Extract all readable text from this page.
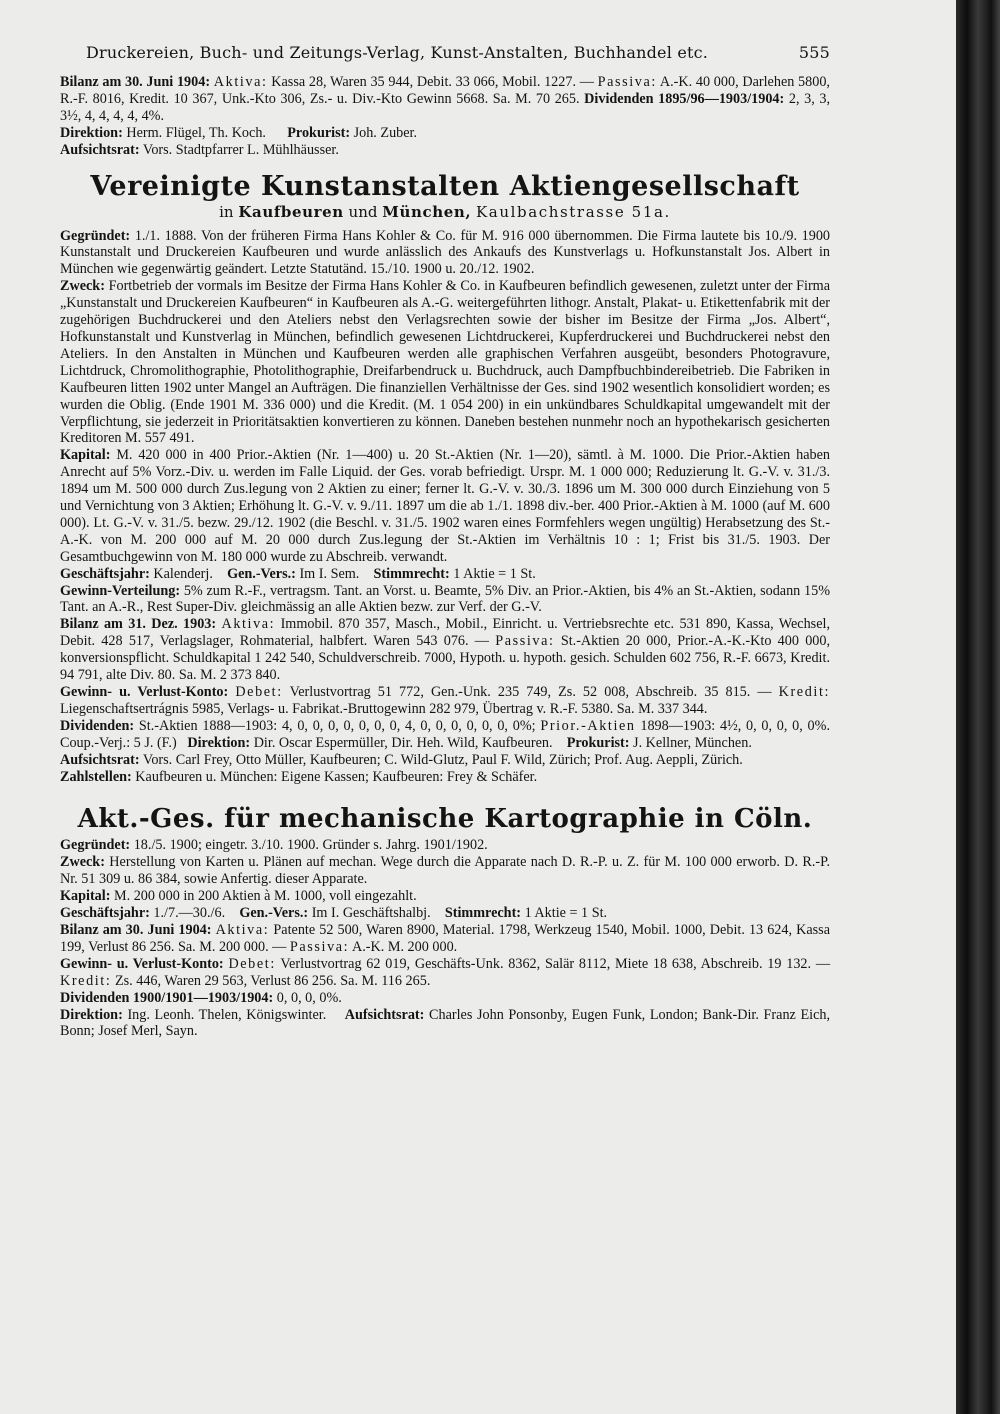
Druckereien, Buch- und Zeitungs-Verlag, Kunst-Anstalten, Buchhandel etc.	555

Bilanz am 30. Juni 1904: Aktiva: Kassa 28, Waren 35 944, Debit. 33 066, Mobil. 1227. — Passiva: A.-K. 40 000, Darlehen 5800, R.-F. 8016, Kredit. 10 367, Unk.-Kto 306, Zs.- u. Div.-Kto Gewinn 5668. Sa. M. 70 265. Dividenden 1895/96—1903/1904: 2, 3, 3, 3½, 4, 4, 4, 4, 4%.

Direktion: Herm. Flügel, Th. Koch. Prokurist: Joh. Zuber.

Aufsichtsrat: Vors. Stadtpfarrer L. Mühlhäusser.

Vereinigte Kunstanstalten Aktiengesellschaft
in Kaufbeuren und München, Kaulbachstrasse 51a.

Gegründet: 1./1. 1888. Von der früheren Firma Hans Kohler & Co. für M. 916 000 übernommen. Die Firma lautete bis 10./9. 1900 Kunstanstalt und Druckereien Kaufbeuren und wurde anlässlich des Ankaufs des Kunstverlags u. Hofkunstanstalt Jos. Albert in München wie gegenwärtig geändert. Letzte Statutänd. 15./10. 1900 u. 20./12. 1902.

Zweck: Fortbetrieb der vormals im Besitze der Firma Hans Kohler & Co. in Kaufbeuren befindlich gewesenen, zuletzt unter der Firma „Kunstanstalt und Druckereien Kaufbeuren“ in Kaufbeuren als A.-G. weitergeführten lithogr. Anstalt, Plakat- u. Etikettenfabrik mit der zugehörigen Buchdruckerei und den Ateliers nebst den Verlagsrechten sowie der bisher im Besitze der Firma „Jos. Albert“, Hofkunstanstalt und Kunstverlag in München, befindlich gewesenen Lichtdruckerei, Kupferdruckerei und Buchdruckerei nebst den Ateliers. In den Anstalten in München und Kaufbeuren werden alle graphischen Verfahren ausgeübt, besonders Photogravure, Lichtdruck, Chromolithographie, Photolithographie, Dreifarbendruck u. Buchdruck, auch Dampfbuchbindereibetrieb. Die Fabriken in Kaufbeuren litten 1902 unter Mangel an Aufträgen. Die finanziellen Verhältnisse der Ges. sind 1902 wesentlich konsolidiert worden; es wurden die Oblig. (Ende 1901 M. 336 000) und die Kredit. (M. 1 054 200) in ein unkündbares Schuldkapital umgewandelt mit der Verpflichtung, sie jederzeit in Prioritätsaktien konvertieren zu können. Daneben bestehen nunmehr noch an hypothekarisch gesicherten Kreditoren M. 557 491.

Kapital: M. 420 000 in 400 Prior.-Aktien (Nr. 1—400) u. 20 St.-Aktien (Nr. 1—20), sämtl. à M. 1000. Die Prior.-Aktien haben Anrecht auf 5% Vorz.-Div. u. werden im Falle Liquid. der Ges. vorab befriedigt. Urspr. M. 1 000 000; Reduzierung lt. G.-V. v. 31./3. 1894 um M. 500 000 durch Zus.legung von 2 Aktien zu einer; ferner lt. G.-V. v. 30./3. 1896 um M. 300 000 durch Einziehung von 5 und Vernichtung von 3 Aktien; Erhöhung lt. G.-V. v. 9./11. 1897 um die ab 1./1. 1898 div.-ber. 400 Prior.-Aktien à M. 1000 (auf M. 600 000). Lt. G.-V. v. 31./5. bezw. 29./12. 1902 (die Beschl. v. 31./5. 1902 waren eines Formfehlers wegen ungültig) Herabsetzung des St.-A.-K. von M. 200 000 auf M. 20 000 durch Zus.legung der St.-Aktien im Verhältnis 10 : 1; Frist bis 31./5. 1903. Der Gesamtbuchgewinn von M. 180 000 wurde zu Abschreib. verwandt.

Geschäftsjahr: Kalenderj. Gen.-Vers.: Im I. Sem. Stimmrecht: 1 Aktie = 1 St.

Gewinn-Verteilung: 5% zum R.-F., vertragsm. Tant. an Vorst. u. Beamte, 5% Div. an Prior.-Aktien, bis 4% an St.-Aktien, sodann 15% Tant. an A.-R., Rest Super-Div. gleichmässig an alle Aktien bezw. zur Verf. der G.-V.

Bilanz am 31. Dez. 1903: Aktiva: Immobil. 870 357, Masch., Mobil., Einricht. u. Vertriebsrechte etc. 531 890, Kassa, Wechsel, Debit. 428 517, Verlagslager, Rohmaterial, halbfert. Waren 543 076. — Passiva: St.-Aktien 20 000, Prior.-A.-K.-Kto 400 000, konversionspflicht. Schuldkapital 1 242 540, Schuldverschreib. 7000, Hypoth. u. hypoth. gesich. Schulden 602 756, R.-F. 6673, Kredit. 94 791, alte Div. 80. Sa. M. 2 373 840.

Gewinn- u. Verlust-Konto: Debet: Verlustvortrag 51 772, Gen.-Unk. 235 749, Zs. 52 008, Abschreib. 35 815. — Kredit: Liegenschaftsertrágnis 5985, Verlags- u. Fabrikat.-Bruttogewinn 282 979, Übertrag v. R.-F. 5380. Sa. M. 337 344.

Dividenden: St.-Aktien 1888—1903: 4, 0, 0, 0, 0, 0, 0, 0, 4, 0, 0, 0, 0, 0, 0, 0%; Prior.-Aktien 1898—1903: 4½, 0, 0, 0, 0, 0%. Coup.-Verj.: 5 J. (F.) Direktion: Dir. Oscar Espermüller, Dir. Heh. Wild, Kaufbeuren. Prokurist: J. Kellner, München.

Aufsichtsrat: Vors. Carl Frey, Otto Müller, Kaufbeuren; C. Wild-Glutz, Paul F. Wild, Zürich; Prof. Aug. Aeppli, Zürich.

Zahlstellen: Kaufbeuren u. München: Eigene Kassen; Kaufbeuren: Frey & Schäfer.

Akt.-Ges. für mechanische Kartographie in Cöln.

Gegründet: 18./5. 1900; eingetr. 3./10. 1900. Gründer s. Jahrg. 1901/1902.

Zweck: Herstellung von Karten u. Plänen auf mechan. Wege durch die Apparate nach D. R.-P. u. Z. für M. 100 000 erworb. D. R.-P. Nr. 51 309 u. 86 384, sowie Anfertig. dieser Apparate.

Kapital: M. 200 000 in 200 Aktien à M. 1000, voll eingezahlt.

Geschäftsjahr: 1./7.—30./6. Gen.-Vers.: Im I. Geschäftshalbj. Stimmrecht: 1 Aktie = 1 St.

Bilanz am 30. Juni 1904: Aktiva: Patente 52 500, Waren 8900, Material. 1798, Werkzeug 1540, Mobil. 1000, Debit. 13 624, Kassa 199, Verlust 86 256. Sa. M. 200 000. — Passiva: A.-K. M. 200 000.

Gewinn- u. Verlust-Konto: Debet: Verlustvortrag 62 019, Geschäfts-Unk. 8362, Salär 8112, Miete 18 638, Abschreib. 19 132. — Kredit: Zs. 446, Waren 29 563, Verlust 86 256. Sa. M. 116 265.

Dividenden 1900/1901—1903/1904: 0, 0, 0, 0%.

Direktion: Ing. Leonh. Thelen, Königswinter. Aufsichtsrat: Charles John Ponsonby, Eugen Funk, London; Bank-Dir. Franz Eich, Bonn; Josef Merl, Sayn.
